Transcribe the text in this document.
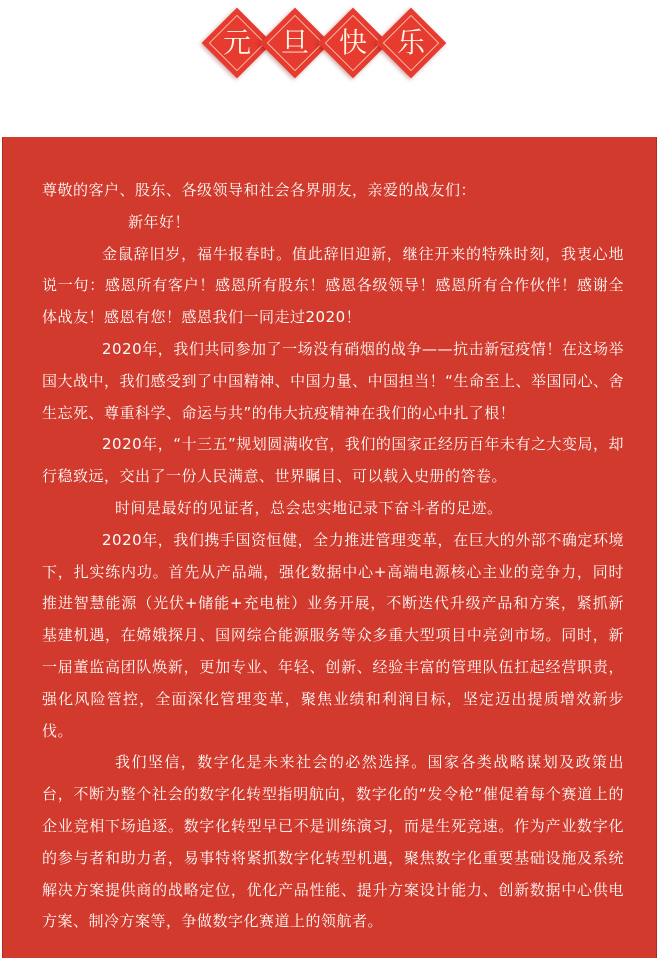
元	旦	快	乐

尊敬的客户、股东、各级领导和社会各界朋友，亲爱的战友们：

新年好！

金鼠辞旧岁，福牛报春时。值此辞旧迎新，继往开来的特殊时刻，我衷心地说一句：感恩所有客户！感恩所有股东！感恩各级领导！感恩所有合作伙伴！感谢全体战友！感恩有您！感恩我们一同走过2020！

2020年，我们共同参加了一场没有硝烟的战争——抗击新冠疫情！在这场举国大战中，我们感受到了中国精神、中国力量、中国担当！“生命至上、举国同心、舍生忘死、尊重科学、命运与共”的伟大抗疫精神在我们的心中扎了根！

2020年，“十三五”规划圆满收官，我们的国家正经历百年未有之大变局，却行稳致远，交出了一份人民满意、世界瞩目、可以载入史册的答卷。

时间是最好的见证者，总会忠实地记录下奋斗者的足迹。

2020年，我们携手国资恒健，全力推进管理变革，在巨大的外部不确定环境下，扎实练内功。首先从产品端，强化数据中心+高端电源核心主业的竞争力，同时推进智慧能源（光伏+储能+充电桩）业务开展，不断迭代升级产品和方案，紧抓新基建机遇，在嫦娥探月、国网综合能源服务等众多重大型项目中亮剑市场。同时，新一届董监高团队焕新，更加专业、年轻、创新、经验丰富的管理队伍扛起经营职责，强化风险管控，全面深化管理变革，聚焦业绩和利润目标，坚定迈出提质增效新步伐。

我们坚信，数字化是未来社会的必然选择。国家各类战略谋划及政策出台，不断为整个社会的数字化转型指明航向，数字化的“发令枪”催促着每个赛道上的企业竞相下场追逐。数字化转型早已不是训练演习，而是生死竞速。作为产业数字化的参与者和助力者，易事特将紧抓数字化转型机遇，聚焦数字化重要基础设施及系统解决方案提供商的战略定位，优化产品性能、提升方案设计能力、创新数据中心供电方案、制冷方案等，争做数字化赛道上的领航者。
